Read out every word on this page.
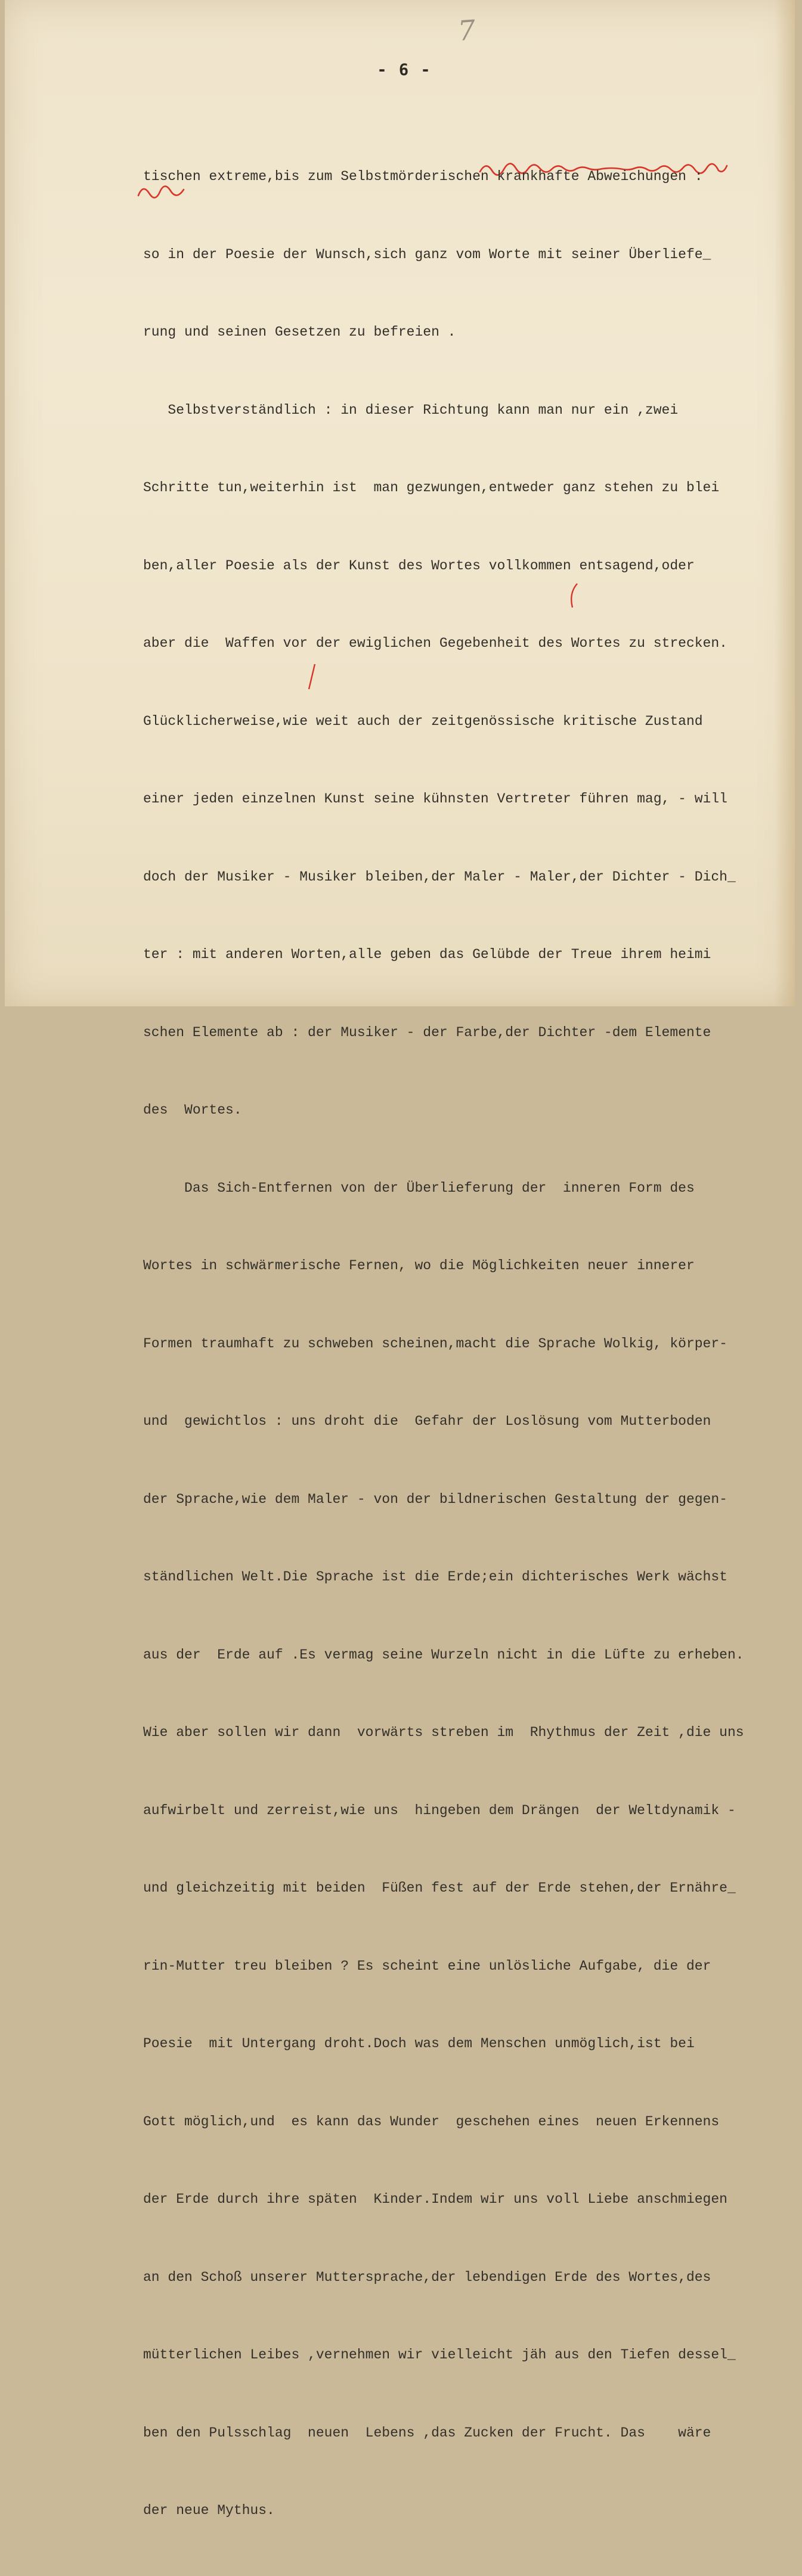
7
- 6 -

tischen extreme,bis zum Selbstmörderischen krankhafte Abweichungen :

so in der Poesie der Wunsch,sich ganz vom Worte mit seiner Überliefe_

rung und seinen Gesetzen zu befreien .

Selbstverständlich : in dieser Richtung kann man nur ein ,zwei

Schritte tun,weiterhin ist  man gezwungen,entweder ganz stehen zu blei

ben,aller Poesie als der Kunst des Wortes vollkommen entsagend,oder

aber die  Waffen vor der ewiglichen Gegebenheit des Wortes zu strecken.

Glücklicherweise,wie weit auch der zeitgenössische kritische Zustand

einer jeden einzelnen Kunst seine kühnsten Vertreter führen mag, - will

doch der Musiker - Musiker bleiben,der Maler - Maler,der Dichter - Dich_

ter : mit anderen Worten,alle geben das Gelübde der Treue ihrem heimi

schen Elemente ab : der Musiker - der Farbe,der Dichter -dem Elemente

des  Wortes.

Das Sich-Entfernen von der Überlieferung der  inneren Form des

Wortes in schwärmerische Fernen, wo die Möglichkeiten neuer innerer

Formen traumhaft zu schweben scheinen,macht die Sprache Wolkig, körper-

und  gewichtlos : uns droht die  Gefahr der Loslösung vom Mutterboden

der Sprache,wie dem Maler - von der bildnerischen Gestaltung der gegen-

ständlichen Welt.Die Sprache ist die Erde;ein dichterisches Werk wächst

aus der  Erde auf .Es vermag seine Wurzeln nicht in die Lüfte zu erheben.

Wie aber sollen wir dann  vorwärts streben im  Rhythmus der Zeit ,die uns

aufwirbelt und zerreist,wie uns  hingeben dem Drängen  der Weltdynamik -

und gleichzeitig mit beiden  Füßen fest auf der Erde stehen,der Ernähre_

rin-Mutter treu bleiben ? Es scheint eine unlösliche Aufgabe, die der

Poesie  mit Untergang droht.Doch was dem Menschen unmöglich,ist bei

Gott möglich,und  es kann das Wunder  geschehen eines  neuen Erkennens

der Erde durch ihre späten  Kinder.Indem wir uns voll Liebe anschmiegen

an den Schoß unserer Muttersprache,der lebendigen Erde des Wortes,des

mütterlichen Leibes ,vernehmen wir vielleicht jäh aus den Tiefen dessel_

ben den Pulsschlag  neuen  Lebens ,das Zucken der Frucht. Das    wäre

der neue Mythus.
